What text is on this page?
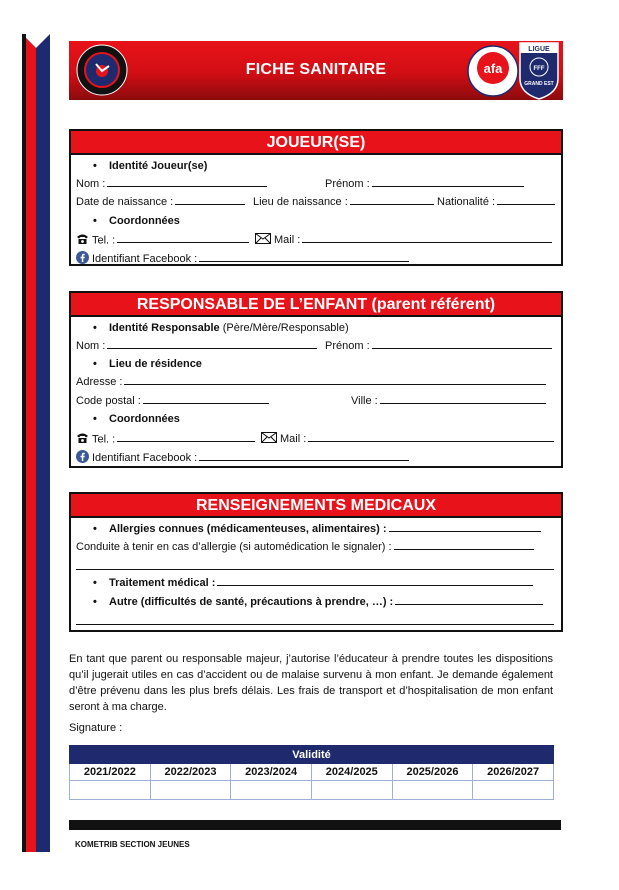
FICHE SANITAIRE	afa
LIGUE
FFF
GRAND EST
JOUEUR(SE)
• Identité Joueur(se)
Nom :	Prénom :
Date de naissance :	Lieu de naissance :	Nationalité :
• Coordonnées
Tel. :	Mail :
Identifiant Facebook :
RESPONSABLE DE L’ENFANT (parent référent)
• Identité Responsable (Père/Mère/Responsable)
Nom :	Prénom :
• Lieu de résidence
Adresse :
Code postal :	Ville :
• Coordonnées
Tel. :	Mail :
Identifiant Facebook :
RENSEIGNEMENTS MEDICAUX
• Allergies connues (médicamenteuses, alimentaires) :
Conduite à tenir en cas d’allergie (si automédication le signaler) :
• Traitement médical :
• Autre (difficultés de santé, précautions à prendre, …) :
En tant que parent ou responsable majeur, j’autorise l’éducateur à prendre toutes les dispositions qu’il jugerait utiles en cas d’accident ou de malaise survenu à mon enfant. Je demande également d’être prévenu dans les plus brefs délais. Les frais de transport et d’hospitalisation de mon enfant seront à ma charge.
Signature :
Validité					
2021/2022	2022/2023	2023/2024	2024/2025	2025/2026	2026/2027

KOMETRIB SECTION JEUNES
